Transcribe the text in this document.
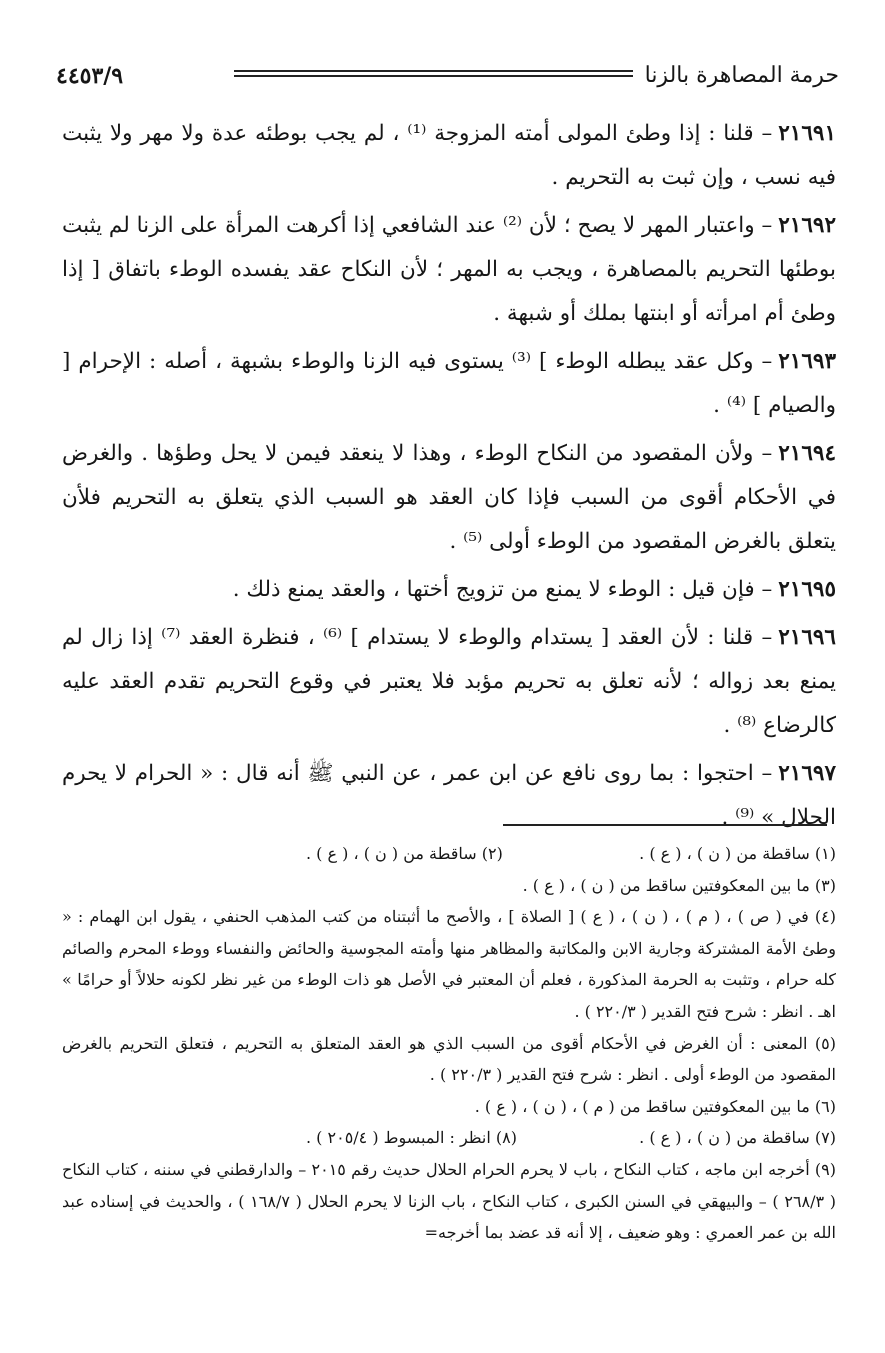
حرمة المصاهرة بالزنا
٤٤٥٣/٩

٢١٦٩١– قلنا : إذا وطئ المولى أمته المزوجة ⁽¹⁾ ، لم يجب بوطئه عدة ولا مهر ولا يثبت فيه نسب ، وإن ثبت به التحريم .

٢١٦٩٢– واعتبار المهر لا يصح ؛ لأن ⁽²⁾ عند الشافعي إذا أكرهت المرأة على الزنا لم يثبت بوطئها التحريم بالمصاهرة ، ويجب به المهر ؛ لأن النكاح عقد يفسده الوطء باتفاق [ إذا وطئ أم امرأته أو ابنتها بملك أو شبهة .

٢١٦٩٣– وكل عقد يبطله الوطء ] ⁽³⁾ يستوى فيه الزنا والوطء بشبهة ، أصله : الإحرام [ والصيام ] ⁽⁴⁾ .

٢١٦٩٤– ولأن المقصود من النكاح الوطء ، وهذا لا ينعقد فيمن لا يحل وطؤها . والغرض في الأحكام أقوى من السبب فإذا كان العقد هو السبب الذي يتعلق به التحريم فلأن يتعلق بالغرض المقصود من الوطء أولى ⁽⁵⁾ .

٢١٦٩٥– فإن قيل : الوطء لا يمنع من تزويج أختها ، والعقد يمنع ذلك .

٢١٦٩٦– قلنا : لأن العقد [ يستدام والوطء لا يستدام ] ⁽⁶⁾ ، فنظرة العقد ⁽⁷⁾ إذا زال لم يمنع بعد زواله ؛ لأنه تعلق به تحريم مؤبد فلا يعتبر في وقوع التحريم تقدم العقد عليه كالرضاع ⁽⁸⁾ .

٢١٦٩٧– احتجوا : بما روى نافع عن ابن عمر ، عن النبي ﷺ أنه قال : « الحرام لا يحرم الحلال » ⁽⁹⁾ .

(١) ساقطة من ( ن ) ، ( ع ) .
(٢) ساقطة من ( ن ) ، ( ع ) .

(٣) ما بين المعكوفتين ساقط من ( ن ) ، ( ع ) .

(٤) في ( ص ) ، ( م ) ، ( ن ) ، ( ع ) [ الصلاة ] ، والأصح ما أثبتناه من كتب المذهب الحنفي ، يقول ابن الهمام : « وطئ الأمة المشتركة وجارية الابن والمكاتبة والمظاهر منها وأمته المجوسية والحائض والنفساء ووطء المحرم والصائم كله حرام ، وتثبت به الحرمة المذكورة ، فعلم أن المعتبر في الأصل هو ذات الوطء من غير نظر لكونه حلالاً أو حرامًا » اهـ . انظر : شرح فتح القدير ( ٢٢٠/٣ ) .

(٥) المعنى : أن الغرض في الأحكام أقوى من السبب الذي هو العقد المتعلق به التحريم ، فتعلق التحريم بالغرض المقصود من الوطء أولى . انظر : شرح فتح القدير ( ٢٢٠/٣ ) .

(٦) ما بين المعكوفتين ساقط من ( م ) ، ( ن ) ، ( ع ) .

(٧) ساقطة من ( ن ) ، ( ع ) .
(٨) انظر : المبسوط ( ٢٠٥/٤ ) .

(٩) أخرجه ابن ماجه ، كتاب النكاح ، باب لا يحرم الحرام الحلال حديث رقم ٢٠١٥ – والدارقطني في سننه ، كتاب النكاح ( ٢٦٨/٣ ) – والبيهقي في السنن الكبرى ، كتاب النكاح ، باب الزنا لا يحرم الحلال ( ١٦٨/٧ ) ، والحديث في إسناده عبد الله بن عمر العمري : وهو ضعيف ، إلا أنه قد عضد بما أخرجه=
